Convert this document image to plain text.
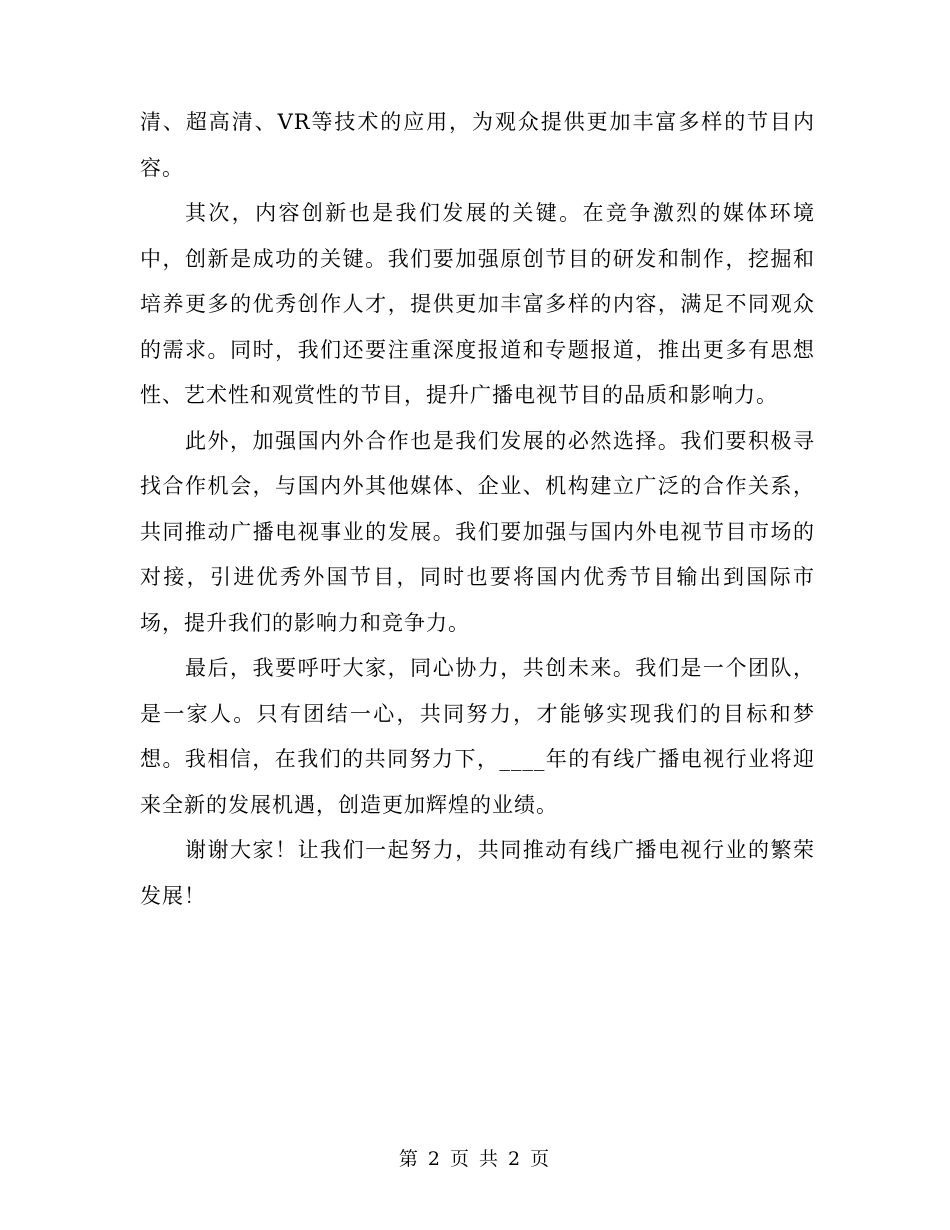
清、超高清、VR等技术的应用，为观众提供更加丰富多样的节目内容。

其次，内容创新也是我们发展的关键。在竞争激烈的媒体环境中，创新是成功的关键。我们要加强原创节目的研发和制作，挖掘和培养更多的优秀创作人才，提供更加丰富多样的内容，满足不同观众的需求。同时，我们还要注重深度报道和专题报道，推出更多有思想性、艺术性和观赏性的节目，提升广播电视节目的品质和影响力。

此外，加强国内外合作也是我们发展的必然选择。我们要积极寻找合作机会，与国内外其他媒体、企业、机构建立广泛的合作关系，共同推动广播电视事业的发展。我们要加强与国内外电视节目市场的对接，引进优秀外国节目，同时也要将国内优秀节目输出到国际市场，提升我们的影响力和竞争力。

最后，我要呼吁大家，同心协力，共创未来。我们是一个团队，是一家人。只有团结一心，共同努力，才能够实现我们的目标和梦想。我相信，在我们的共同努力下，____年的有线广播电视行业将迎来全新的发展机遇，创造更加辉煌的业绩。

谢谢大家！让我们一起努力，共同推动有线广播电视行业的繁荣发展！

第 2 页 共 2 页
